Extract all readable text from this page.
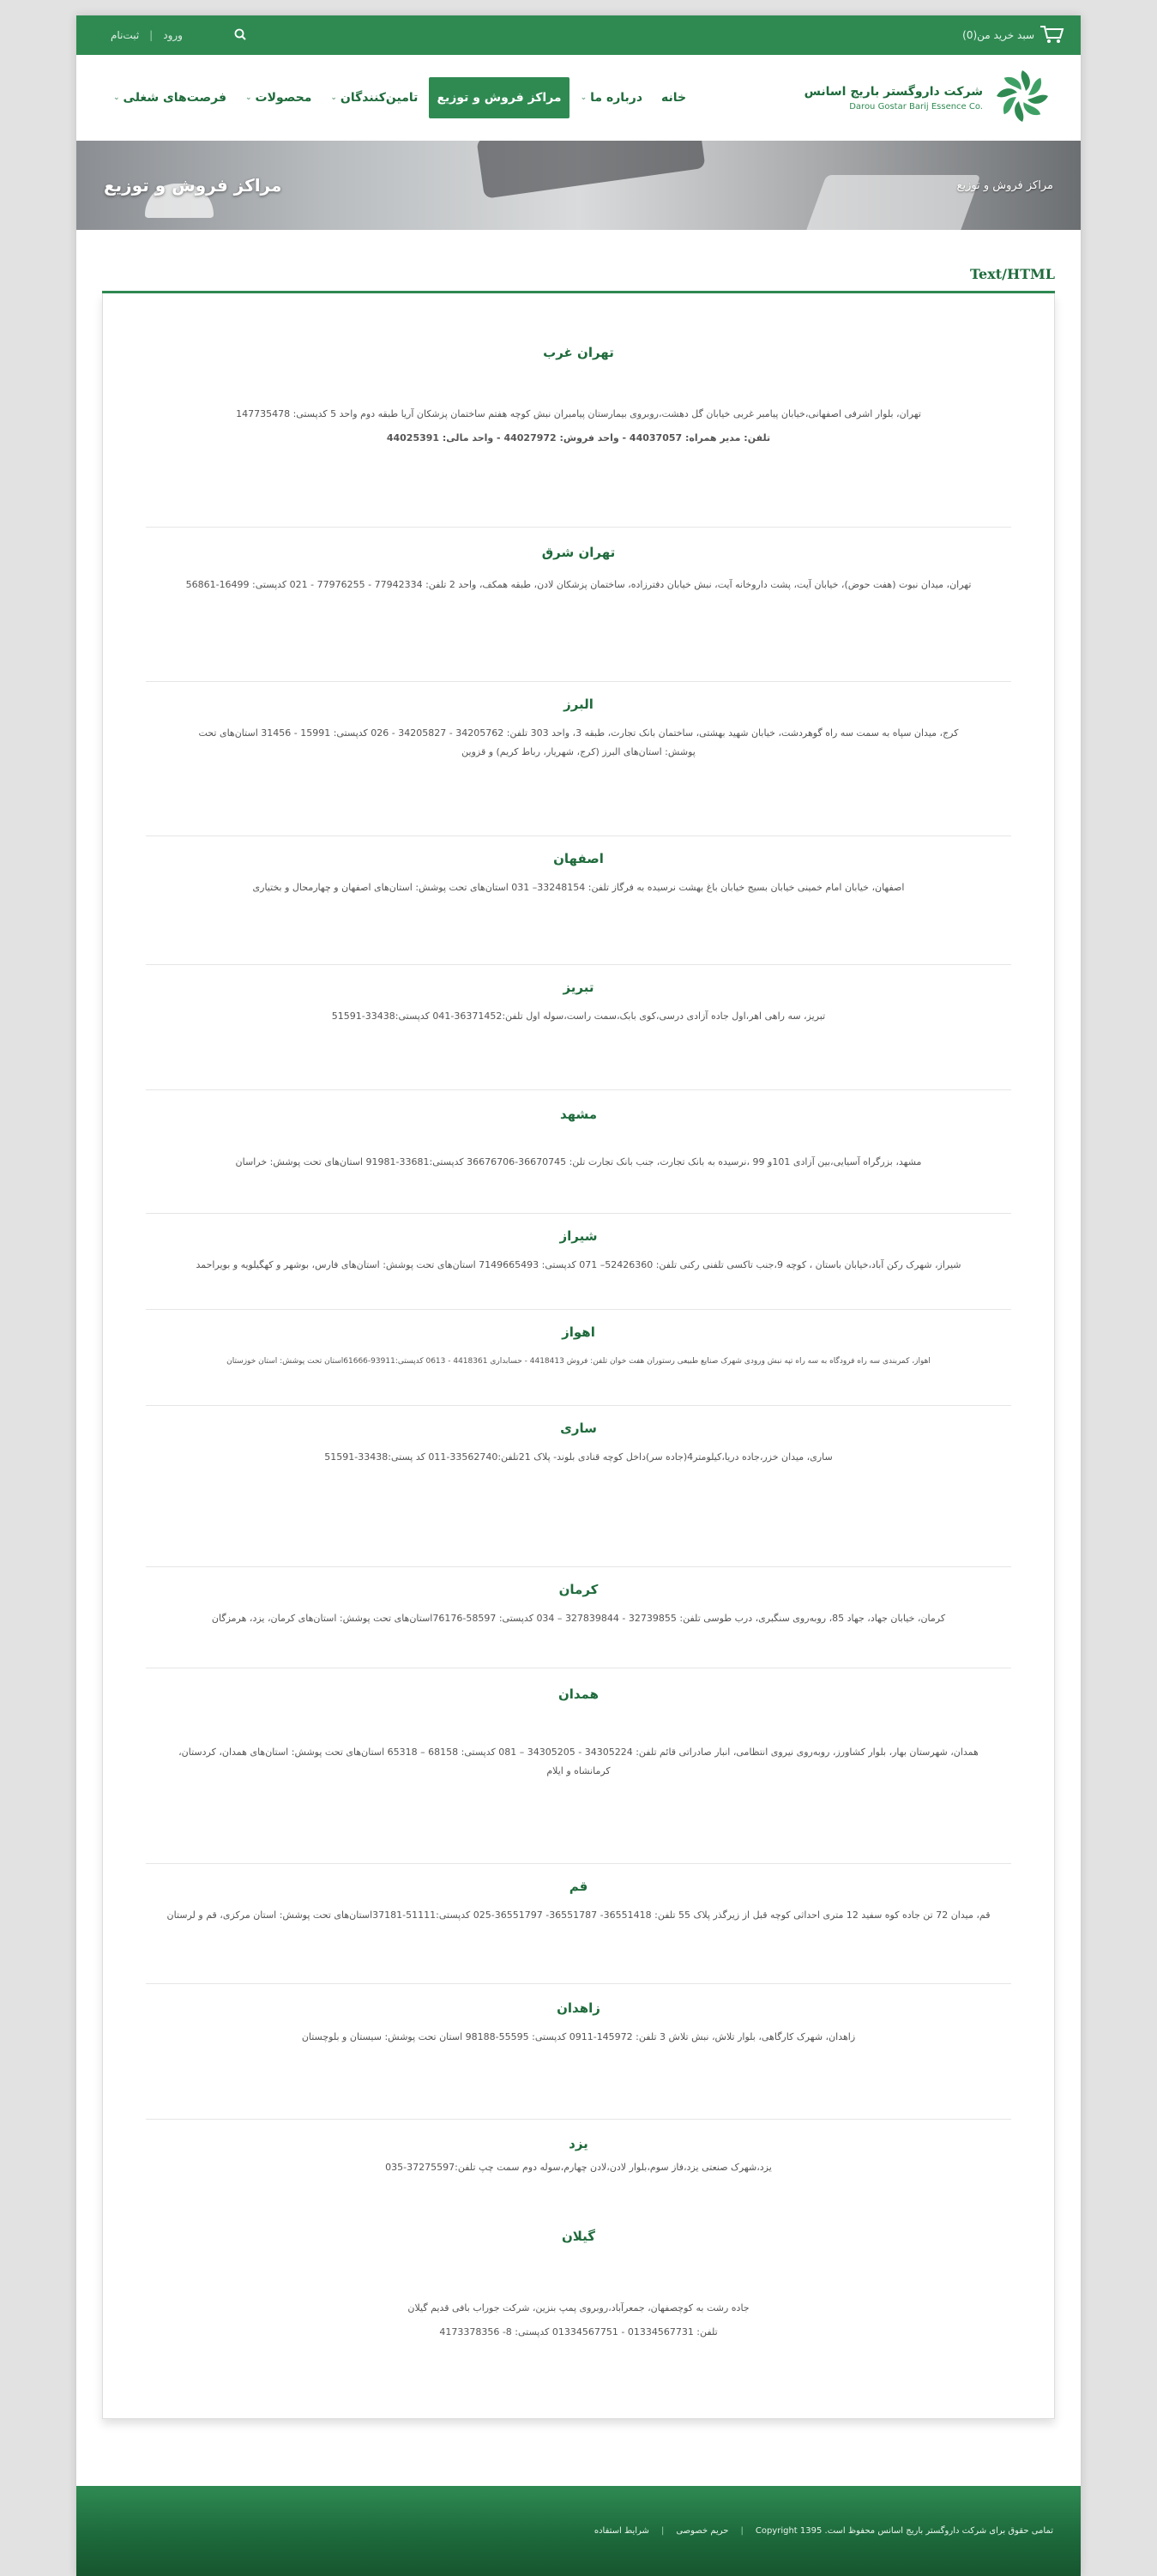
سبد خرید من(0)
ورود
|
ثبت‌نام
شرکت داروگستر باریج اسانس
Darou Gostar Barij Essence Co.
خانه
درباره ما
⌄
مراکز فروش و توزیع
تامین‌کنندگان
⌄
محصولات
⌄
فرصت‌های شغلی
⌄
مراکز فروش و توزیع
مراکز فروش و توزیع
Text/HTML
تهران غرب

تهران، بلوار اشرفی اصفهانی،خیابان پیامبر غربی خیابان گل دهشت،روبروی بیمارستان پیامبران نبش کوچه هفتم ساختمان پزشکان آریا طبقه دوم واحد 5 کدپستی: 147735478

تلفن: مدیر همراه: 44037057 - واحد فروش: 44027972 - واحد مالی: 44025391

تهران شرق

تهران، میدان نبوت (هفت حوض)، خیابان آیت، پشت داروخانه آیت، نبش خیابان دفترزاده، ساختمان پزشکان لادن، طبقه همکف، واحد 2 تلفن: 77942334 - 77976255 - 021 کدپستی: 16499-56861

البرز

کرج، میدان سپاه به سمت سه راه گوهردشت، خیابان شهید بهشتی، ساختمان بانک تجارت، طبقه 3، واحد 303 تلفن: 34205762 - 34205827 - 026 کدپستی: 15991 - 31456 استان‌های تحت

پوشش: استان‌های البرز (کرج، شهریار، رباط کریم) و قزوین

اصفهان

اصفهان، خیابان امام خمینی خیابان بسیج خیابان باغ بهشت نرسیده به فرگاز تلفن: 33248154– 031 استان‌های تحت پوشش: استان‌های اصفهان و چهارمحال و بختیاری

تبریز

تبریز، سه راهی اهر،اول جاده آزادی درسی،کوی بابک،سمت راست،سوله اول تلفن:36371452-041 کدپستی:33438-51591

مشهد

مشهد، بزرگراه آسیایی،بین آزادی 101و 99 ،نرسیده به بانک تجارت، جنب بانک تجارت تلن: 36670745-36676706 کدپستی:33681-91981 استان‌های تحت پوشش: خراسان

شیراز

شیراز، شهرک رکن آباد،خیابان باستان ، کوچه 9،جنب تاکسی تلفنی رکنی تلفن: 52426360– 071 کدپستی: 7149665493 استان‌های تحت پوشش: استان‌های فارس، بوشهر و کهگیلویه و بویراحمد

اهواز

اهواز، کمربندی سه راه فرودگاه به سه راه تپه نبش ورودی شهرک صنایع طبیعی رستوران هفت خوان تلفن: فروش 4418413 - حسابداری 4418361 - 0613 کدپستی:93911-61666استان تحت پوشش: استان خوزستان

ساری

ساری، میدان خزر،جاده دریا،کیلومتر4(جاده سر)داخل کوچه قنادی بلوند- پلاک 21تلفن:33562740-011 کد پستی:33438-51591

کرمان

کرمان، خیابان جهاد، جهاد 85، روبه‌روی سنگبری، درب طوسی تلفن: 32739855 - 327839844 – 034 کدپستی: 58597-76176استان‌های تحت پوشش: استان‌های کرمان، یزد، هرمزگان

همدان

همدان، شهرستان بهار، بلوار کشاورز، روبه‌روی نیروی انتظامی، انبار صادراتی قائم تلفن: 34305224 - 34305205 – 081 کدپستی: 68158 – 65318 استان‌های تحت پوشش: استان‌های همدان، کردستان،

کرمانشاه و ایلام

قم

قم، میدان 72 تن جاده کوه سفید 12 متری احداثی کوچه قبل از زیرگذر پلاک 55 تلفن: 36551418- 36551787- 36551797-025 کدپستی:51111-37181استان‌های تحت پوشش: استان مرکزی، قم و لرستان

زاهدان

زاهدان، شهرک کارگاهی، بلوار تلاش، نبش تلاش 3 تلفن: 145972-0911 کدپستی: 55595-98188 استان تحت پوشش: سیستان و بلوچستان

یزد

یزد،شهرک صنعتی یزد،فاز سوم،بلوار لادن،لادن چهارم،سوله دوم سمت چپ تلفن:37275597-035

گیلان

جاده رشت به کوچصفهان، جمعرآباد،روبروی پمپ بنزین، شرکت جوراب بافی قدیم گیلان

تلفن: 01334567731 - 01334567751 کدپستی: 8- 4173378356

تمامی حقوق برای شرکت داروگستر باریج اسانس محفوظ است. Copyright 1395
|
حریم خصوصی
|
شرایط استفاده
